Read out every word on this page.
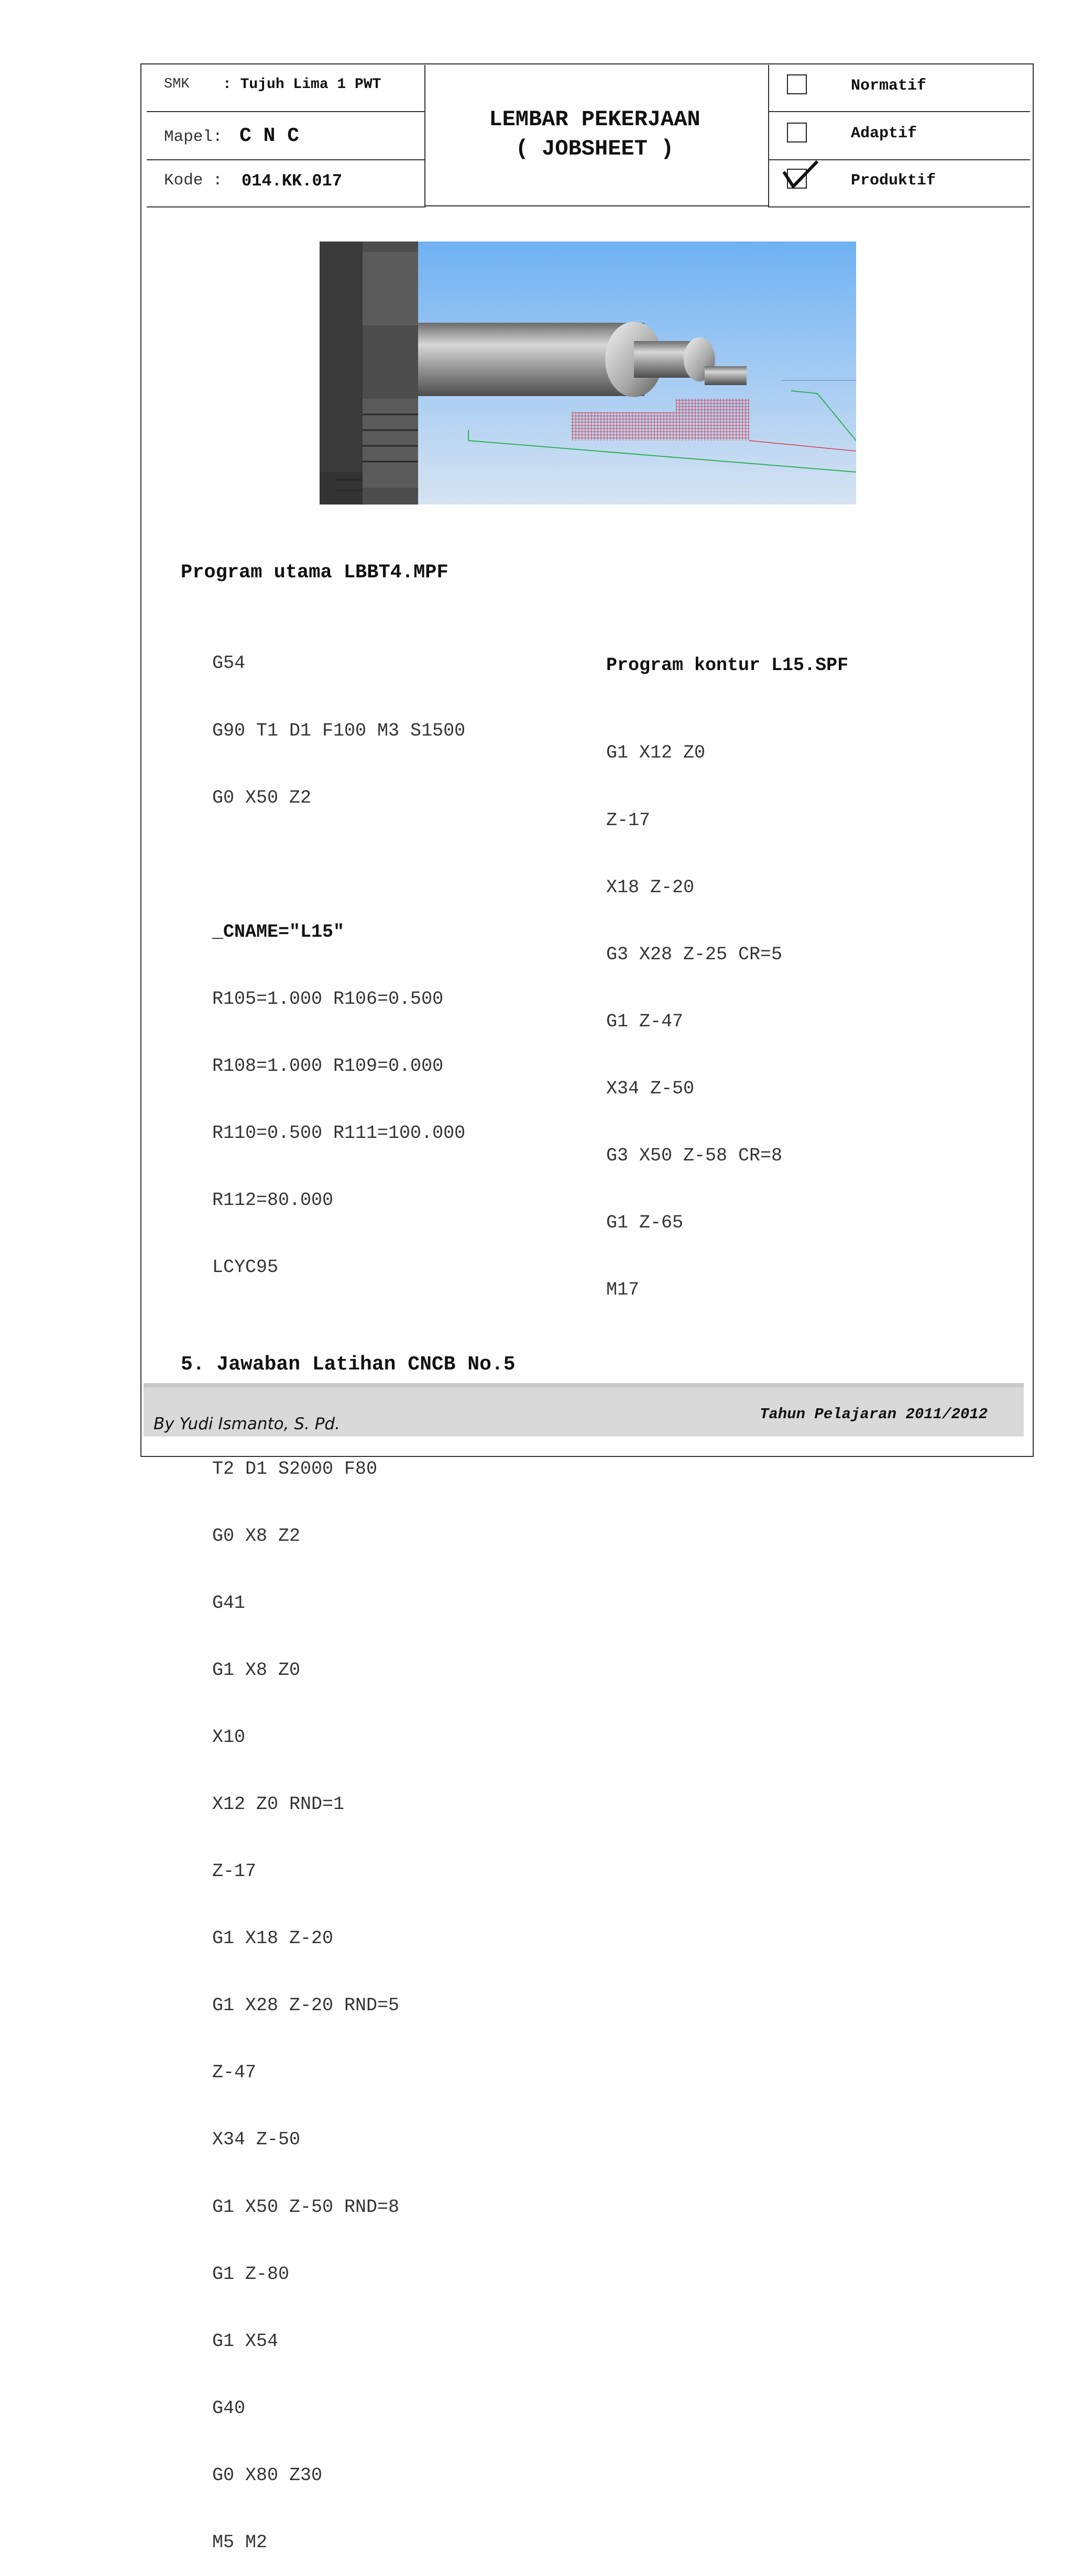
SMK : Tujuh Lima 1 PWT
Mapel: C N C
Kode : 014.KK.017
LEMBAR PEKERJAAN
( JOBSHEET )
Normatif
Adaptif
Produktif
Program utama LBBT4.MPF

G54

G90 T1 D1 F100 M3 S1500

G0 X50 Z2

_CNAME="L15"

R105=1.000 R106=0.500

R108=1.000 R109=0.000

R110=0.500 R111=100.000

R112=80.000

LCYC95

T2 D1 S2000 F80

G0 X8 Z2

G41

G1 X8 Z0

X10

X12 Z0 RND=1

Z-17

G1 X18 Z-20

G1 X28 Z-20 RND=5

Z-47

X34 Z-50

G1 X50 Z-50 RND=8

G1 Z-80

G1 X54

G40

G0 X80 Z30

M5 M2

Program kontur L15.SPF

G1 X12 Z0

Z-17

X18 Z-20

G3 X28 Z-25 CR=5

G1 Z-47

X34 Z-50

G3 X50 Z-58 CR=8

G1 Z-65

M17

5. Jawaban Latihan CNCB No.5
By Yudi Ismanto, S. Pd.
Tahun Pelajaran 2011/2012
